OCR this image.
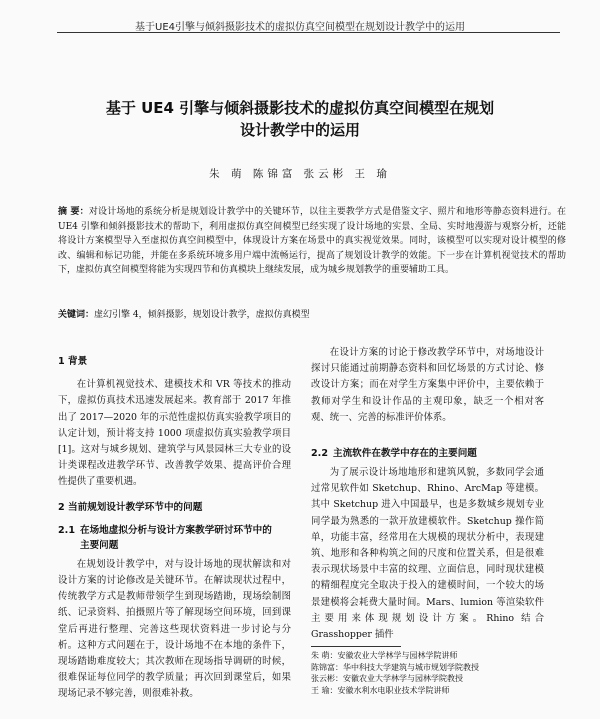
基于UE4引擎与倾斜摄影技术的虚拟仿真空间模型在规划设计教学中的运用
基于 UE4 引擎与倾斜摄影技术的虚拟仿真空间模型在规划
设计教学中的运用
朱 萌 陈锦富 张云彬 王 瑜
摘 要：对设计场地的系统分析是规划设计教学中的关键环节，以往主要教学方式是借鉴文字、照片和地形等静态资料进行。在 UE4 引擎和倾斜摄影技术的帮助下，利用虚拟仿真空间模型已经实现了设计场地的实景、全局、实时地漫游与观察分析，还能将设计方案模型导入至虚拟仿真空间模型中，体现设计方案在场景中的真实视觉效果。同时，该模型可以实现对设计模型的修改、编辑和标记功能，并能在多系统环境多用户端中流畅运行，提高了规划设计教学的效能。下一步在计算机视觉技术的帮助下，虚拟仿真空间模型将能为实现四节和仿真模块上继续发展，成为城乡规划教学的重要辅助工具。
关键词：虚幻引擎 4，倾斜摄影，规划设计教学，虚拟仿真模型
1 背景

在计算机视觉技术、建模技术和 VR 等技术的推动下，虚拟仿真技术迅速发展起来。教育部于 2017 年推出了 2017—2020 年的示范性虚拟仿真实验教学项目的认定计划，预计将支持 1000 项虚拟仿真实验教学项目[1]。这对与城乡规划、建筑学与风景园林三大专业的设计类课程改进教学环节、改善教学效果、提高评价合理性提供了重要机遇。

2 当前规划设计教学环节中的问题
2.1 在场地虚拟分析与设计方案教学研讨环节中的
主要问题

在规划设计教学中，对与设计场地的现状解读和对设计方案的讨论修改是关键环节。在解读现状过程中，传统教学方式是教师带领学生到现场踏勘，现场绘制图纸、记录资料、拍摄照片等了解现场空间环境，回到课堂后再进行整理、完善这些现状资料进一步讨论与分析。这种方式问题在于，设计场地不在本地的条件下，现场踏勘难度较大；其次教师在现场指导调研的时候，很难保证每位同学的教学质量；再次回到课堂后，如果现场记录不够完善，则很难补救。

在设计方案的讨论于修改教学环节中，对场地设计探讨只能通过前期静态资料和回忆场景的方式讨论、修改设计方案；而在对学生方案集中评价中，主要依赖于教师对学生和设计作品的主观印象，缺乏一个相对客观、统一、完善的标准评价体系。

2.2 主流软件在教学中存在的主要问题

为了展示设计场地地形和建筑风貌，多数同学会通过常见软件如 Sketchup、Rhino、ArcMap 等建模。其中 Sketchup 进入中国最早，也是多数城乡规划专业同学最为熟悉的一款开放建模软件。Sketchup 操作简单，功能丰富，经常用在大规模的现状分析中，表现建筑、地形和各种构筑之间的尺度和位置关系，但是很难表示现状场景中丰富的纹理、立面信息，同时现状建模的精细程度完全取决于投入的建模时间，一个较大的场景建模将会耗费大量时间。Mars、lumion 等渲染软件主要用来体现规划设计方案。Rhino 结合 Grasshopper 插件

朱 萌：安徽农业大学林学与园林学院讲师
陈锦富：华中科技大学建筑与城市规划学院教授
张云彬：安徽农业大学林学与园林学院教授
王 瑜：安徽水利水电职业技术学院讲师
